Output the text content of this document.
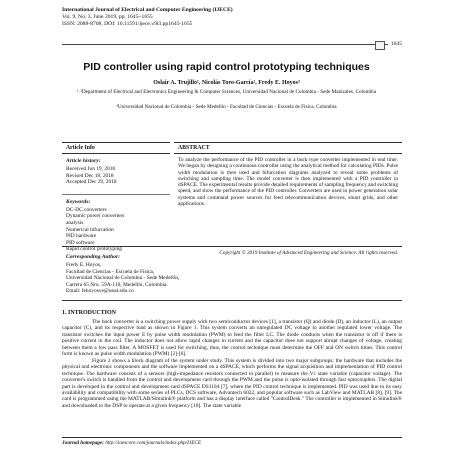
International Journal of Electrical and Computer Engineering (IJECE)
Vol. 9, No. 3, June 2019, pp. 1645~1655
ISSN: 2088-8708, DOI: 10.11591/ijece.v9i3.pp1645-1655
1645
PID controller using rapid control prototyping techniques
Oslair A. Trujillo¹, Nicolás Toro-García², Fredy E. Hoyos³
¹˒²Department of Electrical and Electronics Engineering & Computer Sciences, Universidad Nacional de Colombia - Sede Manizales, Colombia
³Universidad Nacional de Colombia - Sede Medellín - Facultad de Ciencias - Escuela de Física, Colombia
Article Info
Article history:
Received Jun 19, 2018
Revised Dec 18, 2018
Accepted Dec 29, 2018
Keywords:
DC-DC converters
Dynamic power converters
analysis
Numerical bifurcation
PID hardware
PID software
Rapid control prototyping
ABSTRACT
To analyze the performance of the PID controller in a buck type converter implemented in real time. We began by designing a continuous controller using the analytical method for calculating PIDs. Pulse width modulation is then used and bifurcation diagrams analyzed to reveal some problems of switching and sampling time. The model converter is then implemented with a PID controller in dSPACE. The experimental results provide detailed requirements of sampling frequency and switching speed, and show the performance of the PID controller. Converters are used in power generation solar systems and command power sources for feed telecommunication devices, smart grids, and other applications.
Copyright © 2019 Institute of Advanced Engineering and Science. All rights reserved.
Corresponding Author:
Fredy E. Hoyos,
Facultad de Ciencias - Escuela de Física,
Universidad Nacional de Colombia - Sede Medellín,
Carrera 65 Nro. 59A-110, Medellín, Colombia.
Email: fehoyosve@unal.edu.co
1. INTRODUCTION

The buck converter is a switching power supply with two semiconductor devices [1], a transistor (Q) and diode (D), an inductor (L), an output capacitor (C), and its respective load as shown in Figure 1. This system converts an unregulated DC voltage to another regulated lower voltage. The transistor switches the input power E by pulse width modulation (PWM) to feed the filter LC. The diode conducts when the transistor is off if there is positive current in the coil. The inductor does not allow rapid changes in current and the capacitor does not support abrupt changes of voltage, creating between them a low pass filter. A MOSFET is used for switching, thus, the control technique must determine the OFF and ON switch times. This control form is known as pulse width modulation (PWM) [2]-[6].

Figure 2 shows a block diagram of the system under study. This system is divided into two major subgroups: the hardware that includes the physical and electronic components and the software implemented on a dSPACE, which performs the signal acquisition and implementation of PID control technique. The hardware consists of a sensors (high-impedance resistors connected in parallel) to measure the Vc state variable (capacitor voltage). The converter's switch is handled from the control and development card through the PWM and the pulse is opto-isolated through fast optocouplers. The digital part is developed in the control and development card dSPACE DS1104 [7], where the PID control technique is implemented. PID was used due to its easy availability and compatibility with some series of PLCs, DCS software, Advantech 6022, and popular software such as LabView and MATLAB [8], [9]. The card is programmed using the MATLAB/Simulink® platform and has a display interface called "ControlDesk." The controller is implemented in Simulink® and downloaded to the DSP to operate at a given frequency [10]. The state variable

Journal homepage: http://iaescore.com/journals/index.php/IJECE
